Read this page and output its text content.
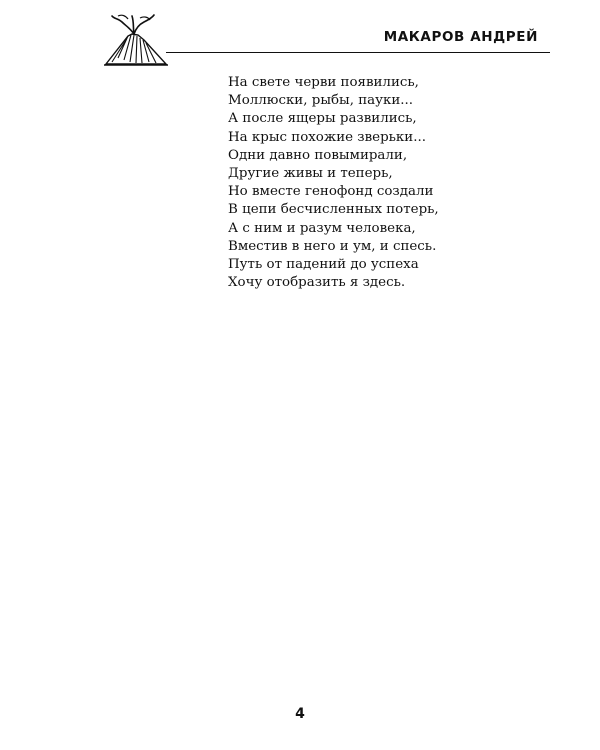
МАКАРОВ АНДРЕЙ
На свете черви появились,
Моллюски, рыбы, пауки...
А после ящеры развились,
На крыс похожие зверьки...
Одни давно повымирали,
Другие живы и теперь,
Но вместе генофонд создали
В цепи бесчисленных потерь,
А с ним и разум человека,
Вместив в него и ум, и спесь.
Путь от падений до успеха
Хочу отобразить я здесь.
4
